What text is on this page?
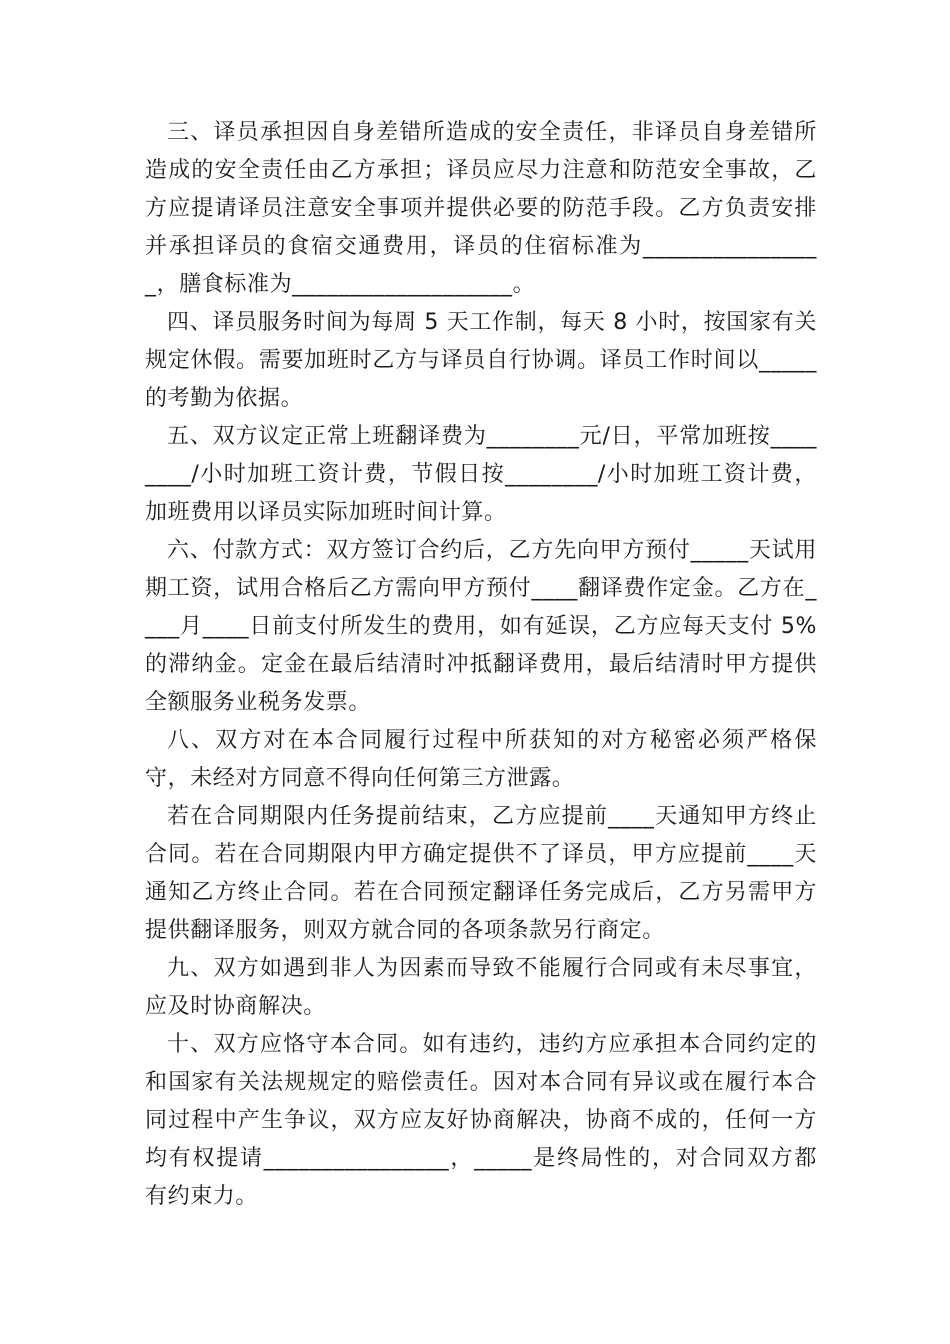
三、译员承担因自身差错所造成的安全责任，非译员自身差错所造成的安全责任由乙方承担；译员应尽力注意和防范安全事故，乙方应提请译员注意安全事项并提供必要的防范手段。乙方负责安排并承担译员的食宿交通费用，译员的住宿标准为________________，膳食标准为___________________。

四、译员服务时间为每周 5 天工作制，每天 8 小时，按国家有关规定休假。需要加班时乙方与译员自行协调。译员工作时间以_____的考勤为依据。

五、双方议定正常上班翻译费为________元/日，平常加班按________/小时加班工资计费，节假日按________/小时加班工资计费，加班费用以译员实际加班时间计算。

六、付款方式：双方签订合约后，乙方先向甲方预付_____天试用期工资，试用合格后乙方需向甲方预付____翻译费作定金。乙方在____月____日前支付所发生的费用，如有延误，乙方应每天支付 5%的滞纳金。定金在最后结清时冲抵翻译费用，最后结清时甲方提供全额服务业税务发票。

八、双方对在本合同履行过程中所获知的对方秘密必须严格保守，未经对方同意不得向任何第三方泄露。

若在合同期限内任务提前结束，乙方应提前____天通知甲方终止合同。若在合同期限内甲方确定提供不了译员，甲方应提前____天通知乙方终止合同。若在合同预定翻译任务完成后，乙方另需甲方提供翻译服务，则双方就合同的各项条款另行商定。

九、双方如遇到非人为因素而导致不能履行合同或有未尽事宜，应及时协商解决。

十、双方应恪守本合同。如有违约，违约方应承担本合同约定的和国家有关法规规定的赔偿责任。因对本合同有异议或在履行本合同过程中产生争议，双方应友好协商解决，协商不成的，任何一方均有权提请________________，_____是终局性的，对合同双方都有约束力。
